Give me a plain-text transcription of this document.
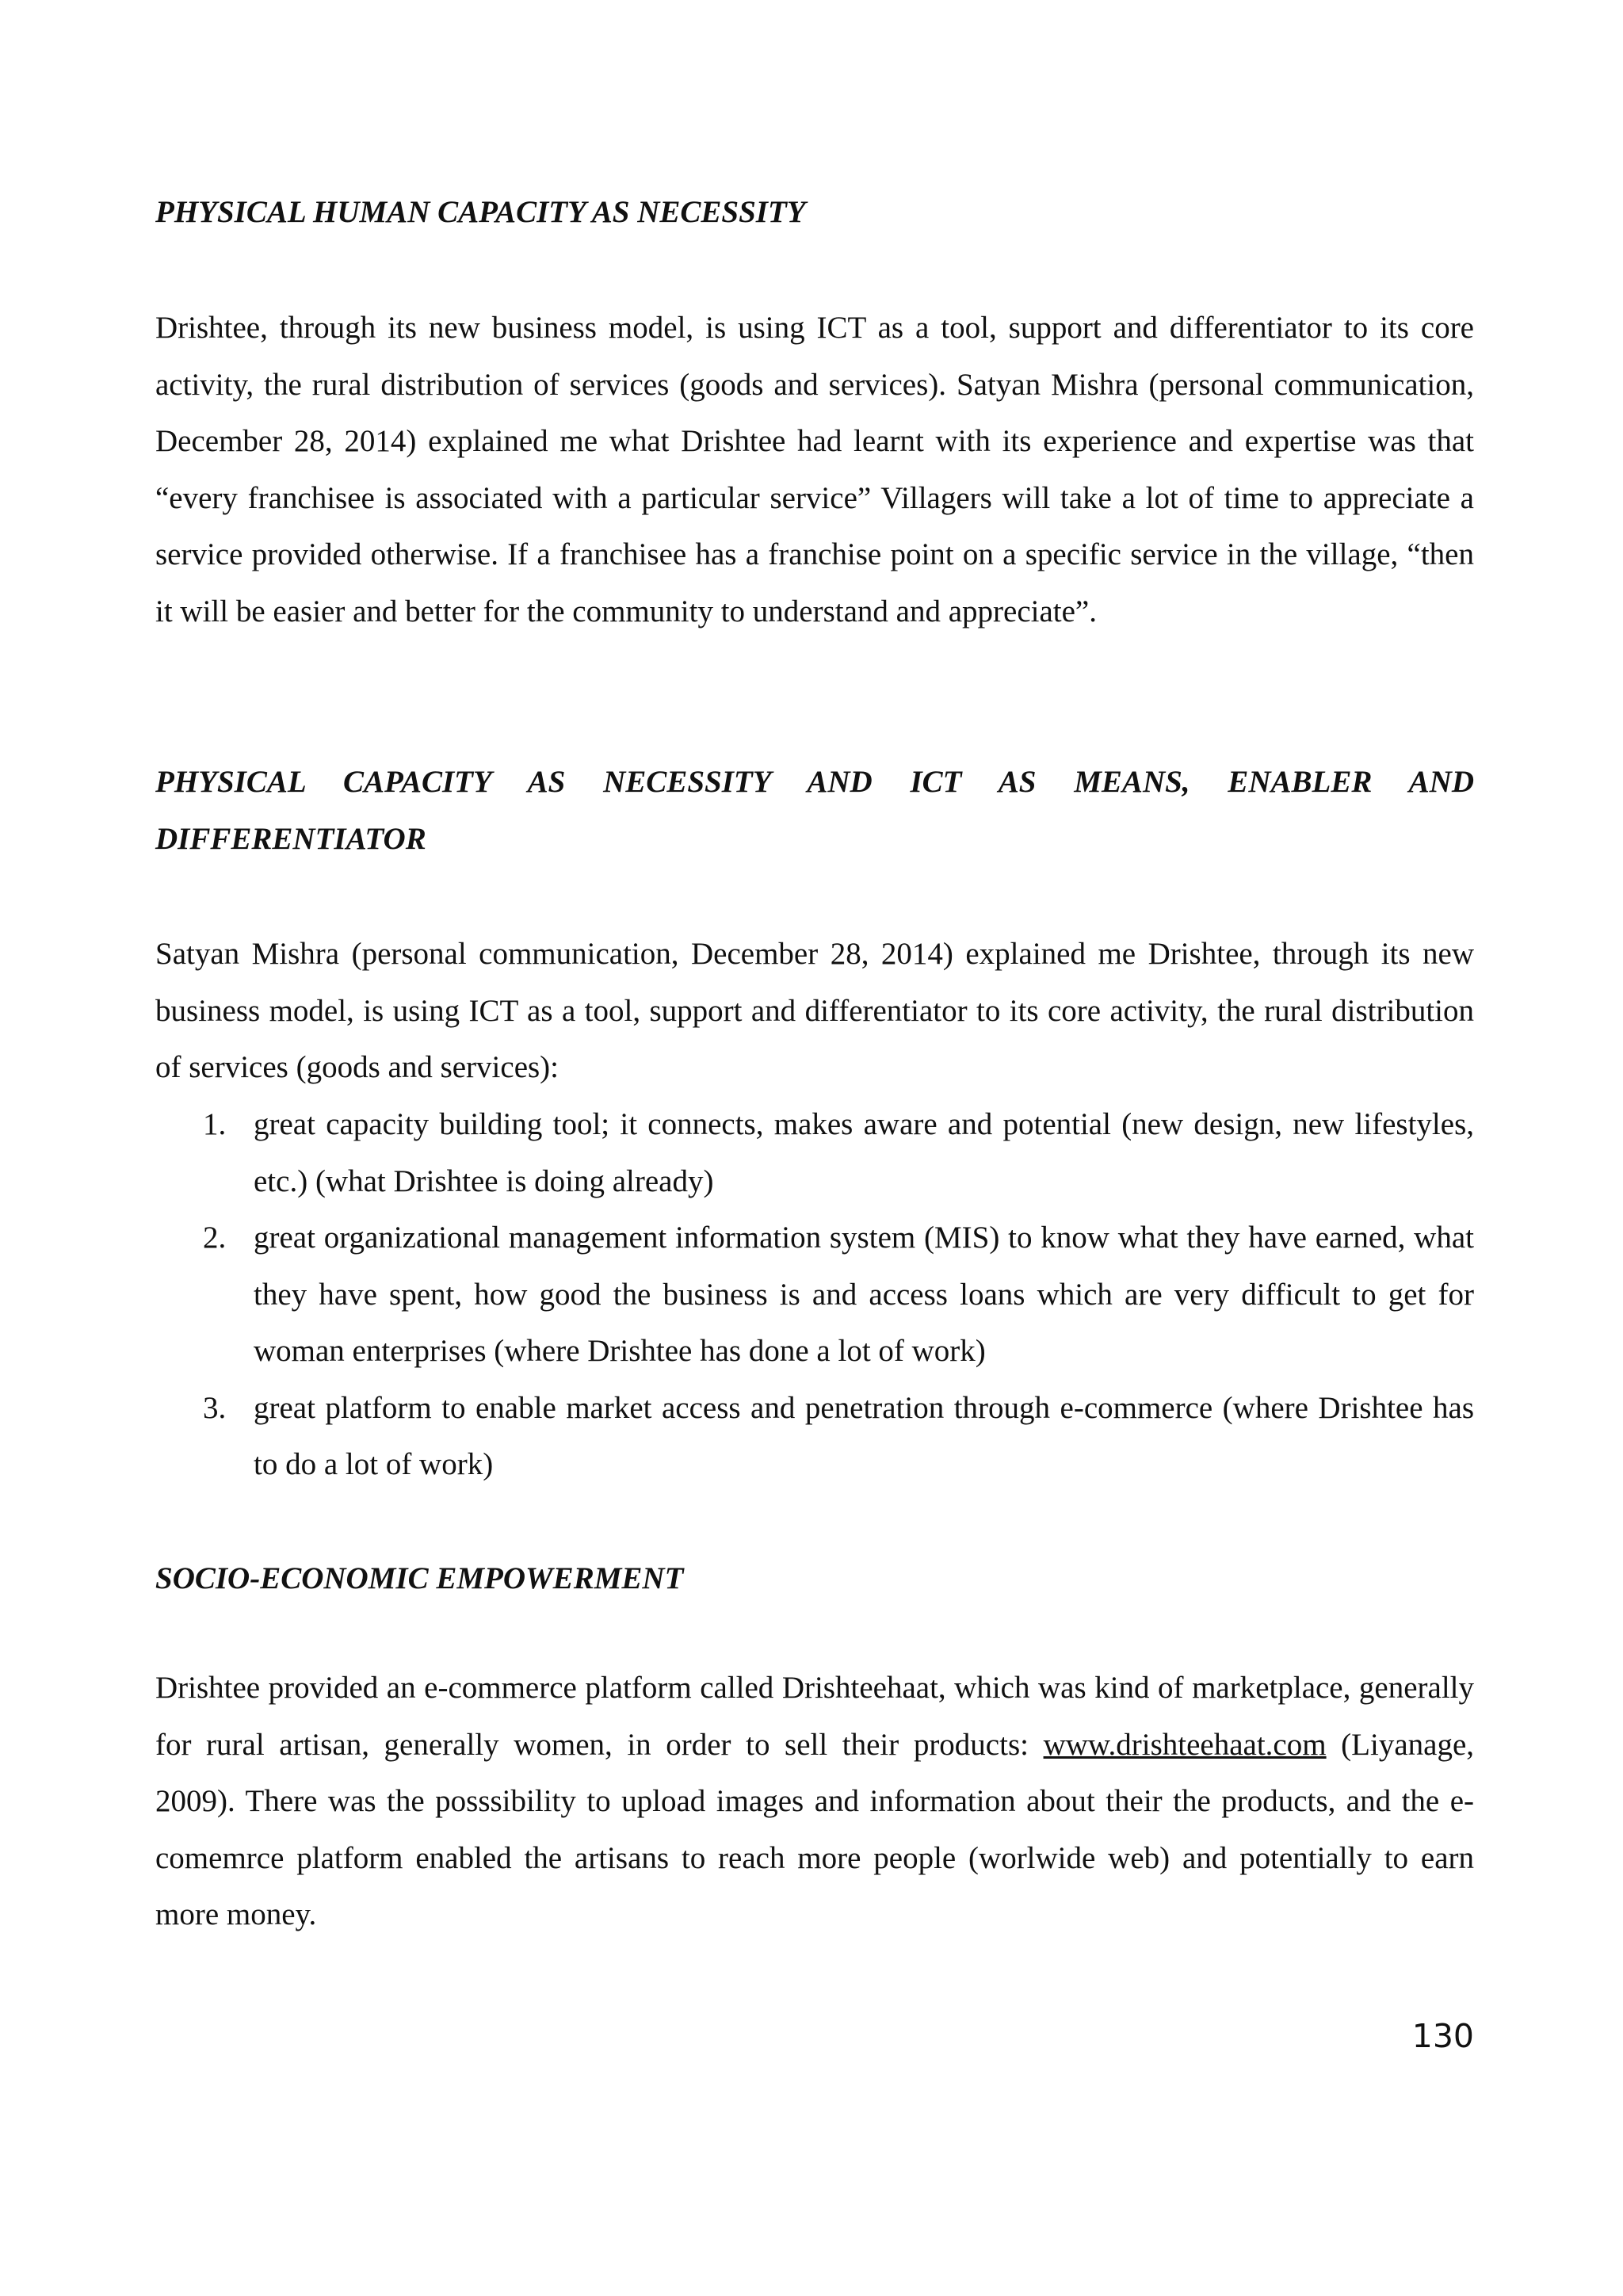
PHYSICAL HUMAN CAPACITY AS NECESSITY

Drishtee, through its new business model, is using ICT as a tool, support and differentiator to its core activity, the rural distribution of services (goods and services). Satyan Mishra (personal communication, December 28, 2014) explained me what Drishtee had learnt with its experience and expertise was that “every franchisee is associated with a particular service” Villagers will take a lot of time to appreciate a service provided otherwise. If a franchisee has a franchise point on a specific service in the village, “then it will be easier and better for the community to understand and appreciate”.

PHYSICAL CAPACITY AS NECESSITY AND ICT AS MEANS, ENABLER AND
DIFFERENTIATOR

Satyan Mishra (personal communication, December 28, 2014) explained me Drishtee, through its new business model, is using ICT as a tool, support and differentiator to its core activity, the rural distribution of services (goods and services):

1. great capacity building tool; it connects, makes aware and potential (new design, new lifestyles, etc.) (what Drishtee is doing already)
2. great organizational management information system (MIS) to know what they have earned, what they have spent, how good the business is and access loans which are very difficult to get for woman enterprises (where Drishtee has done a lot of work)
3. great platform to enable market access and penetration through e-commerce (where Drishtee has to do a lot of work)
SOCIO-ECONOMIC EMPOWERMENT

Drishtee provided an e-commerce platform called Drishteehaat, which was kind of marketplace, generally for rural artisan, generally women, in order to sell their products: www.drishteehaat.com (Liyanage, 2009). There was the posssibility to upload images and information about their the products, and the e-comemrce platform enabled the artisans to reach more people (worlwide web) and potentially to earn more money.

130
